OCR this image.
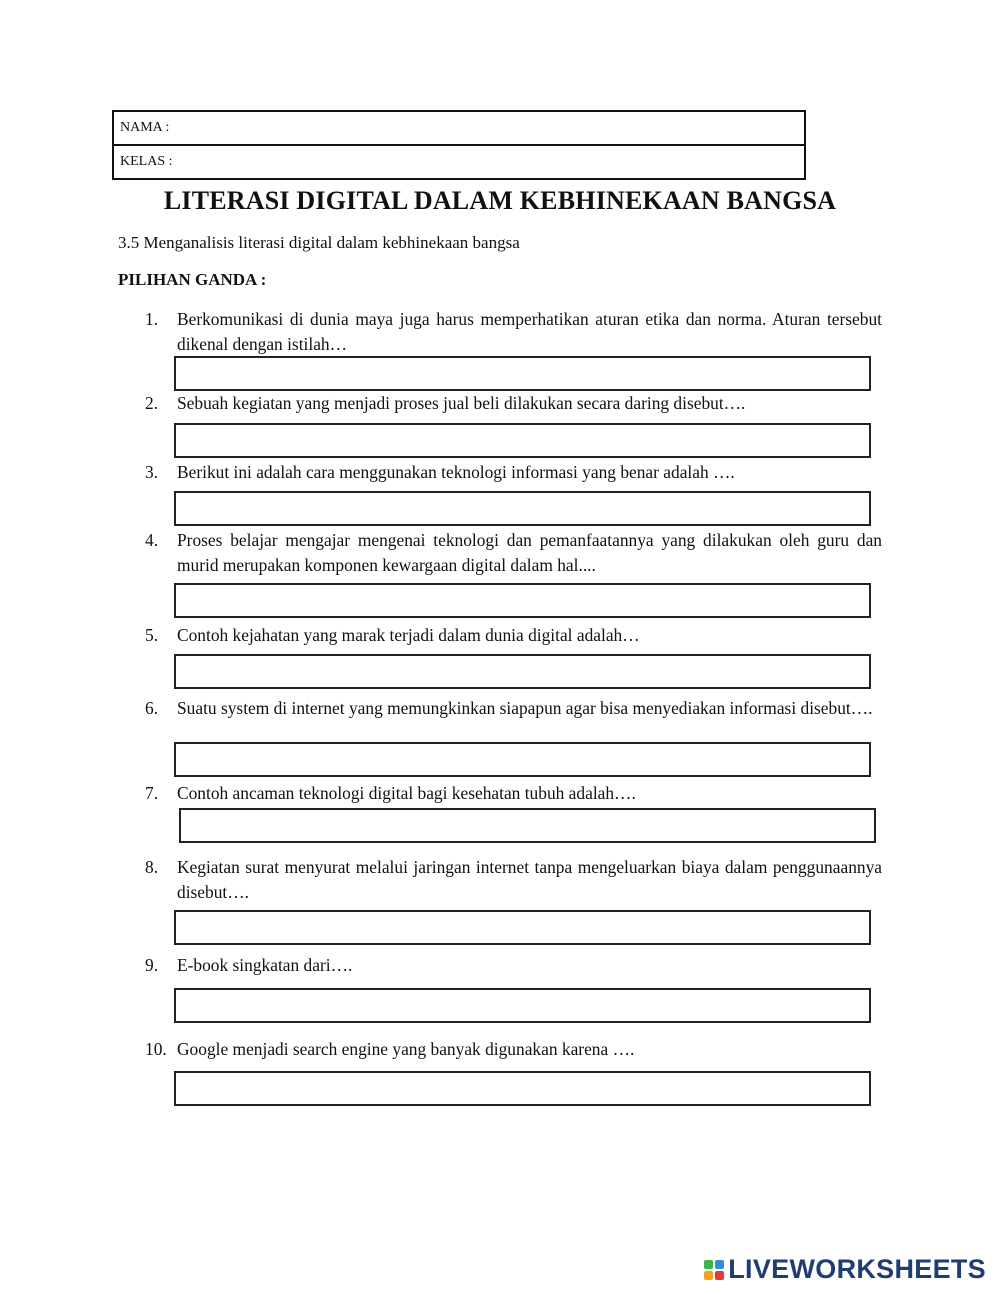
NAMA :
KELAS :
LITERASI DIGITAL DALAM KEBHINEKAAN BANGSA
3.5 Menganalisis literasi digital dalam kebhinekaan bangsa
PILIHAN GANDA :
1.	Berkomunikasi di dunia maya juga harus memperhatikan aturan etika dan norma. Aturan tersebut dikenal dengan istilah…
2.	Sebuah kegiatan yang menjadi proses jual beli dilakukan secara daring disebut….
3.	Berikut ini adalah cara menggunakan teknologi informasi yang benar adalah ….
4.	Proses belajar mengajar mengenai teknologi dan pemanfaatannya yang dilakukan oleh guru dan murid merupakan komponen kewargaan digital dalam hal....
5.	Contoh kejahatan yang marak terjadi dalam dunia digital adalah…
6.	Suatu system di internet yang memungkinkan siapapun agar bisa menyediakan informasi disebut….
7.	Contoh ancaman teknologi digital bagi kesehatan tubuh adalah….
8.	Kegiatan surat menyurat melalui jaringan internet tanpa mengeluarkan biaya dalam penggunaannya disebut….
9.	E-book singkatan dari….
10. Google menjadi search engine yang banyak digunakan karena ….
LIVEWORKSHEETS
